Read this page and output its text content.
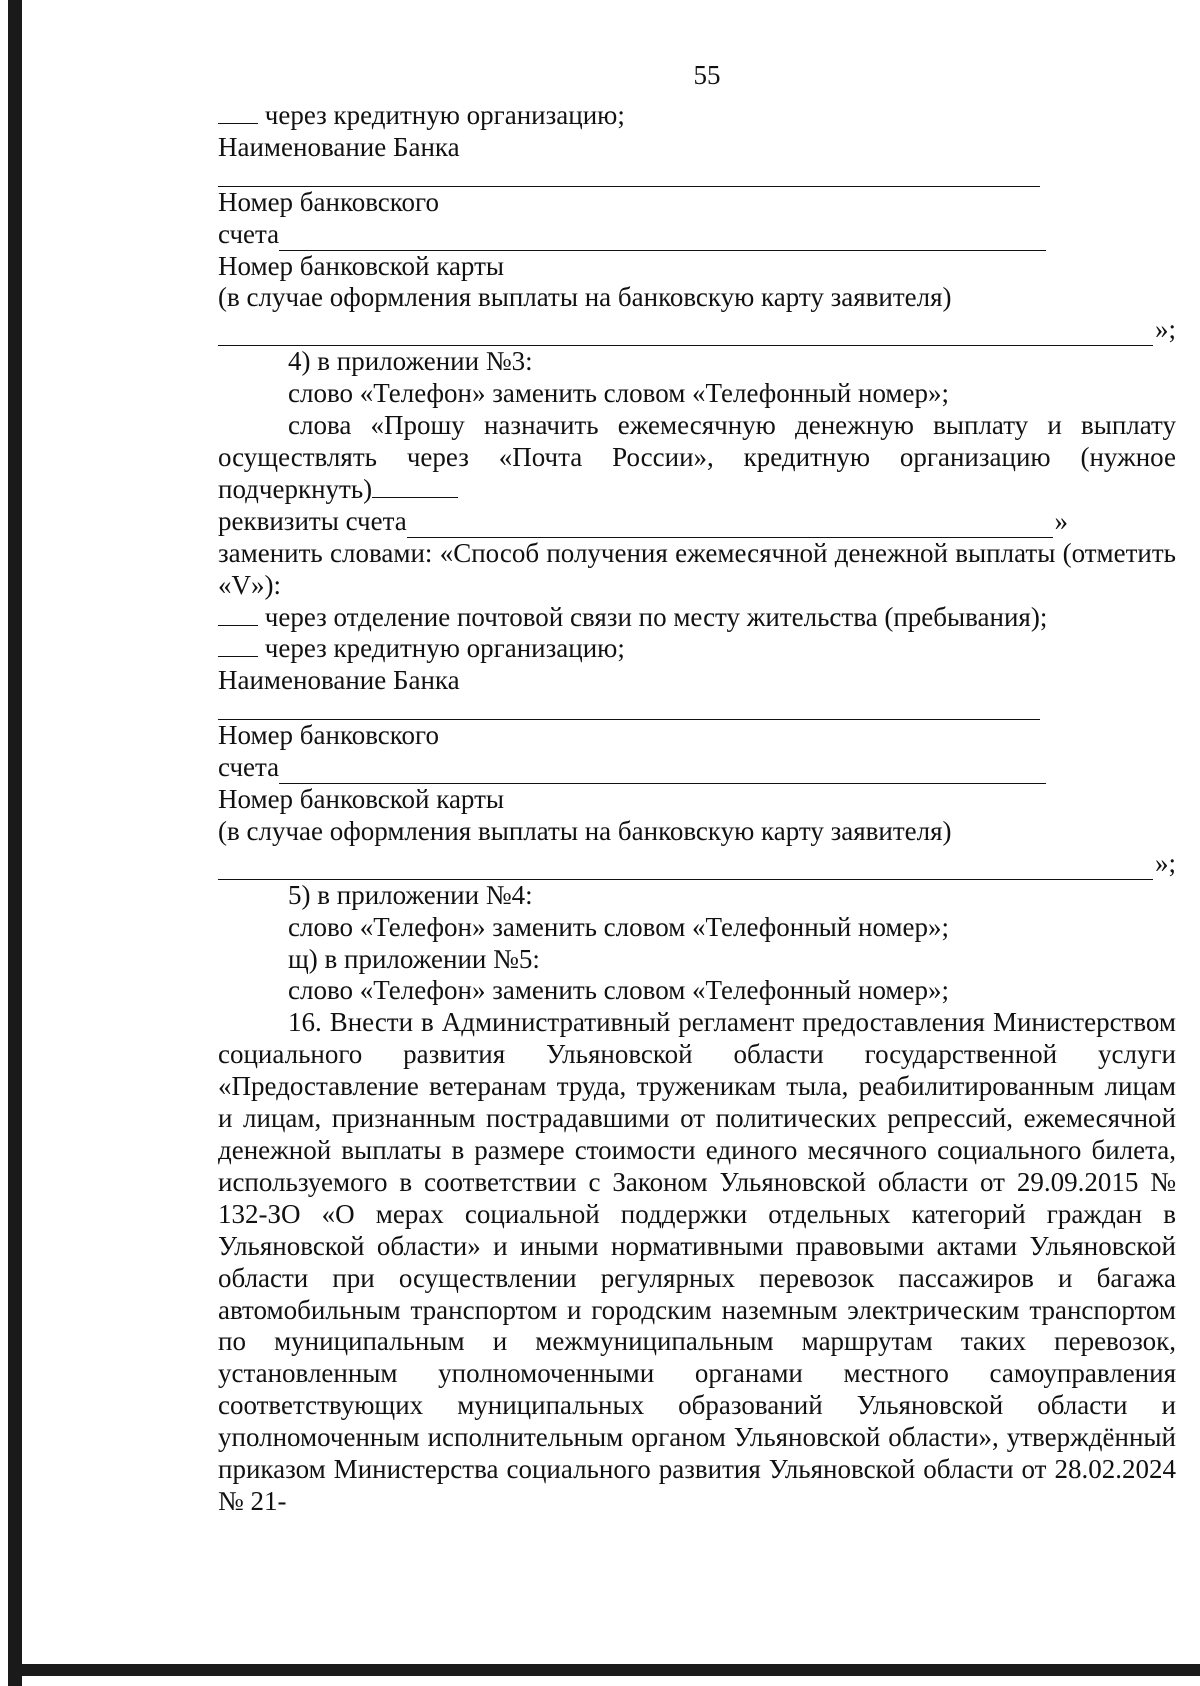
55
через кредитную организацию;
Наименование Банка
Номер банковского
счета
Номер банковской карты
(в случае оформления выплаты на банковскую карту заявителя)
»;
4) в приложении №3:
слово «Телефон» заменить словом «Телефонный номер»;

слова «Прошу назначить ежемесячную денежную выплату и выплату осуществлять через «Почта России», кредитную организацию (нужное подчеркнуть)

реквизиты счета	»

заменить словами: «Способ получения ежемесячной денежной выплаты (отметить «V»):

через отделение почтовой связи по месту жительства (пребывания);
через кредитную организацию;
Наименование Банка
Номер банковского
счета
Номер банковской карты
(в случае оформления выплаты на банковскую карту заявителя)
»;
5) в приложении №4:
слово «Телефон» заменить словом «Телефонный номер»;
щ) в приложении №5:
слово «Телефон» заменить словом «Телефонный номер»;

16. Внести в Административный регламент предоставления Министерством социального развития Ульяновской области государственной услуги «Предоставление ветеранам труда, труженикам тыла, реабилитированным лицам и лицам, признанным пострадавшими от политических репрессий, ежемесячной денежной выплаты в размере стоимости единого месячного социального билета, используемого в соответствии с Законом Ульяновской области от 29.09.2015 № 132-ЗО «О мерах социальной поддержки отдельных категорий граждан в Ульяновской области» и иными нормативными правовыми актами Ульяновской области при осуществлении регулярных перевозок пассажиров и багажа автомобильным транспортом и городским наземным электрическим транспортом по муниципальным и межмуниципальным маршрутам таких перевозок, установленным уполномоченными органами местного самоуправления соответствующих муниципальных образований Ульяновской области и уполномоченным исполнительным органом Ульяновской области», утверждённый приказом Министерства социального развития Ульяновской области от 28.02.2024 № 21-
